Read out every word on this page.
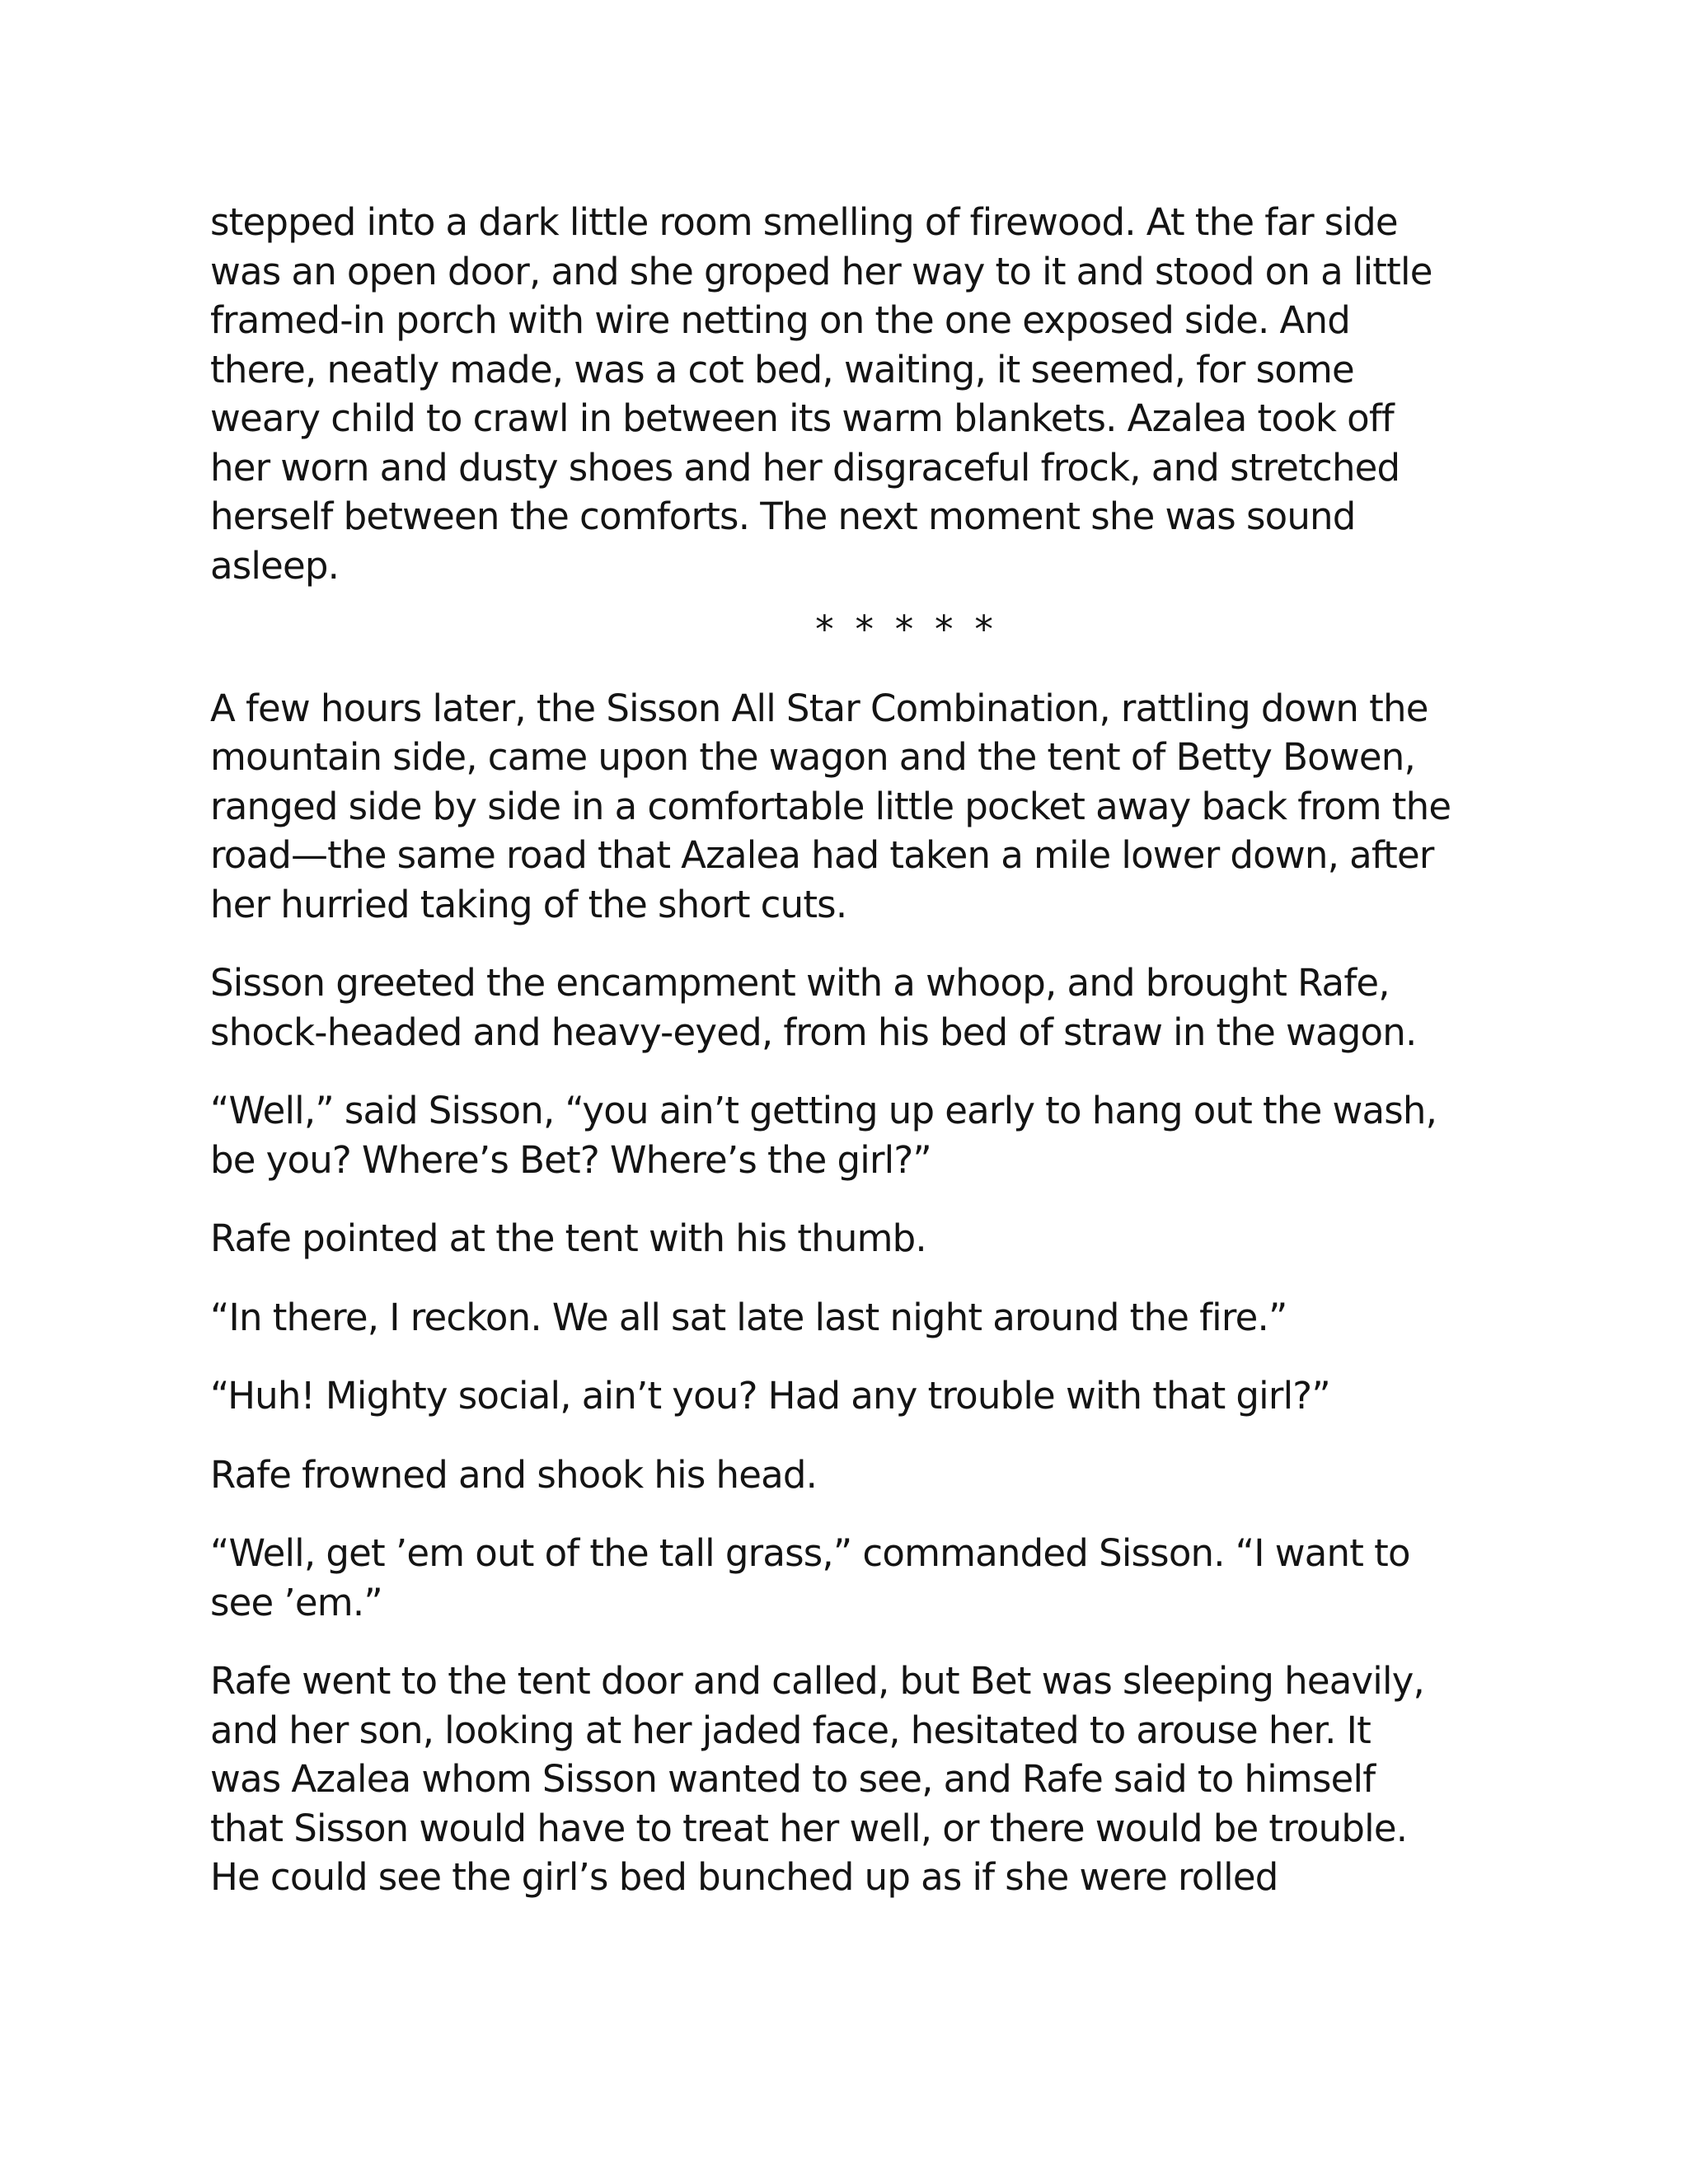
stepped into a dark little room smelling of firewood. At the far side
was an open door, and she groped her way to it and stood on a little
framed-in porch with wire netting on the one exposed side. And
there, neatly made, was a cot bed, waiting, it seemed, for some
weary child to crawl in between its warm blankets. Azalea took off
her worn and dusty shoes and her disgraceful frock, and stretched
herself between the comforts. The next moment she was sound
asleep.
* * * * *
A few hours later, the Sisson All Star Combination, rattling down the
mountain side, came upon the wagon and the tent of Betty Bowen,
ranged side by side in a comfortable little pocket away back from the
road—the same road that Azalea had taken a mile lower down, after
her hurried taking of the short cuts.
Sisson greeted the encampment with a whoop, and brought Rafe,
shock-headed and heavy-eyed, from his bed of straw in the wagon.
“Well,” said Sisson, “you ain’t getting up early to hang out the wash,
be you? Where’s Bet? Where’s the girl?”
Rafe pointed at the tent with his thumb.
“In there, I reckon. We all sat late last night around the fire.”
“Huh! Mighty social, ain’t you? Had any trouble with that girl?”
Rafe frowned and shook his head.
“Well, get ’em out of the tall grass,” commanded Sisson. “I want to
see ’em.”
Rafe went to the tent door and called, but Bet was sleeping heavily,
and her son, looking at her jaded face, hesitated to arouse her. It
was Azalea whom Sisson wanted to see, and Rafe said to himself
that Sisson would have to treat her well, or there would be trouble.
He could see the girl’s bed bunched up as if she were rolled
